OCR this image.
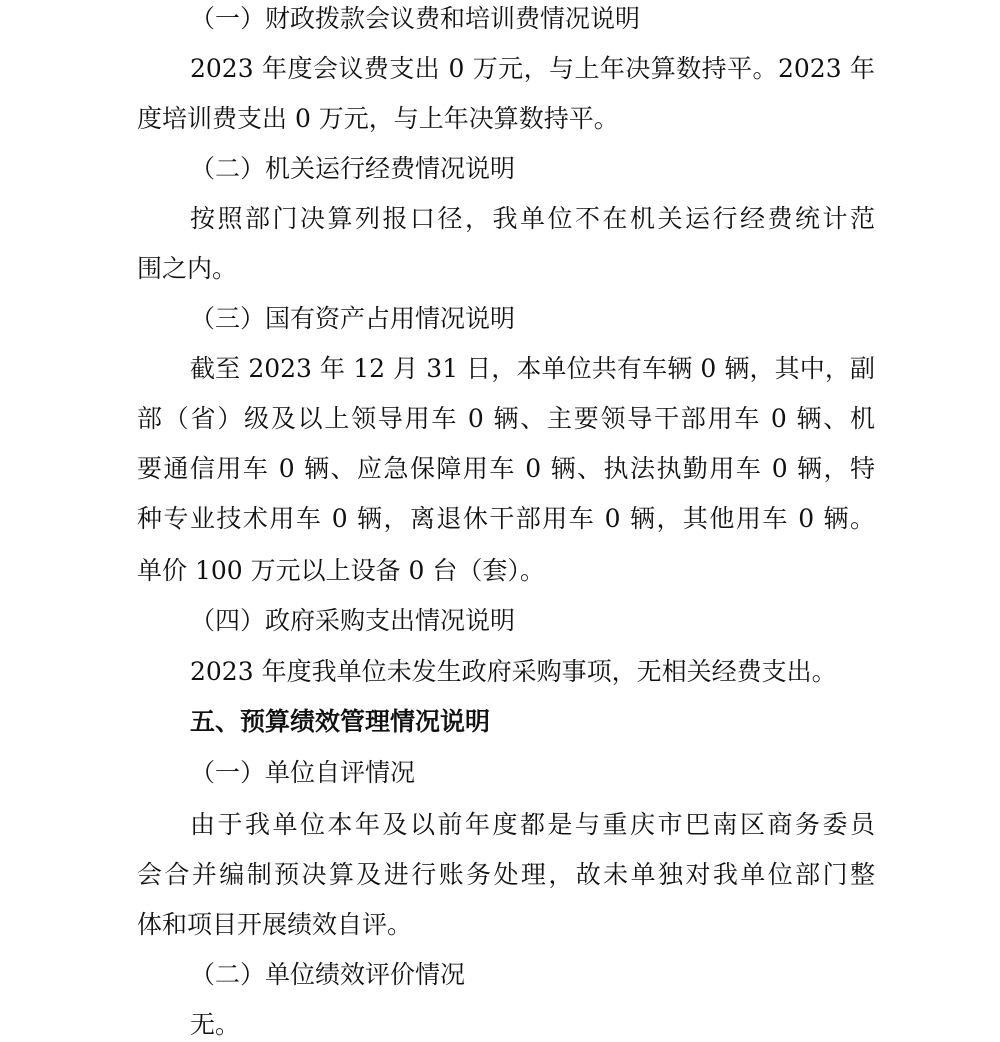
（一）财政拨款会议费和培训费情况说明

2023 年度会议费支出 0 万元，与上年决算数持平。2023 年

度培训费支出 0 万元，与上年决算数持平。

（二）机关运行经费情况说明

按照部门决算列报口径，我单位不在机关运行经费统计范

围之内。

（三）国有资产占用情况说明

截至 2023 年 12 月 31 日，本单位共有车辆 0 辆，其中，副

部（省）级及以上领导用车 0 辆、主要领导干部用车 0 辆、机

要通信用车 0 辆、应急保障用车 0 辆、执法执勤用车 0 辆，特

种专业技术用车 0 辆，离退休干部用车 0 辆，其他用车 0 辆。

单价 100 万元以上设备 0 台（套）。

（四）政府采购支出情况说明

2023 年度我单位未发生政府采购事项，无相关经费支出。

五、预算绩效管理情况说明

（一）单位自评情况

由于我单位本年及以前年度都是与重庆市巴南区商务委员

会合并编制预决算及进行账务处理，故未单独对我单位部门整

体和项目开展绩效自评。

（二）单位绩效评价情况

无。
